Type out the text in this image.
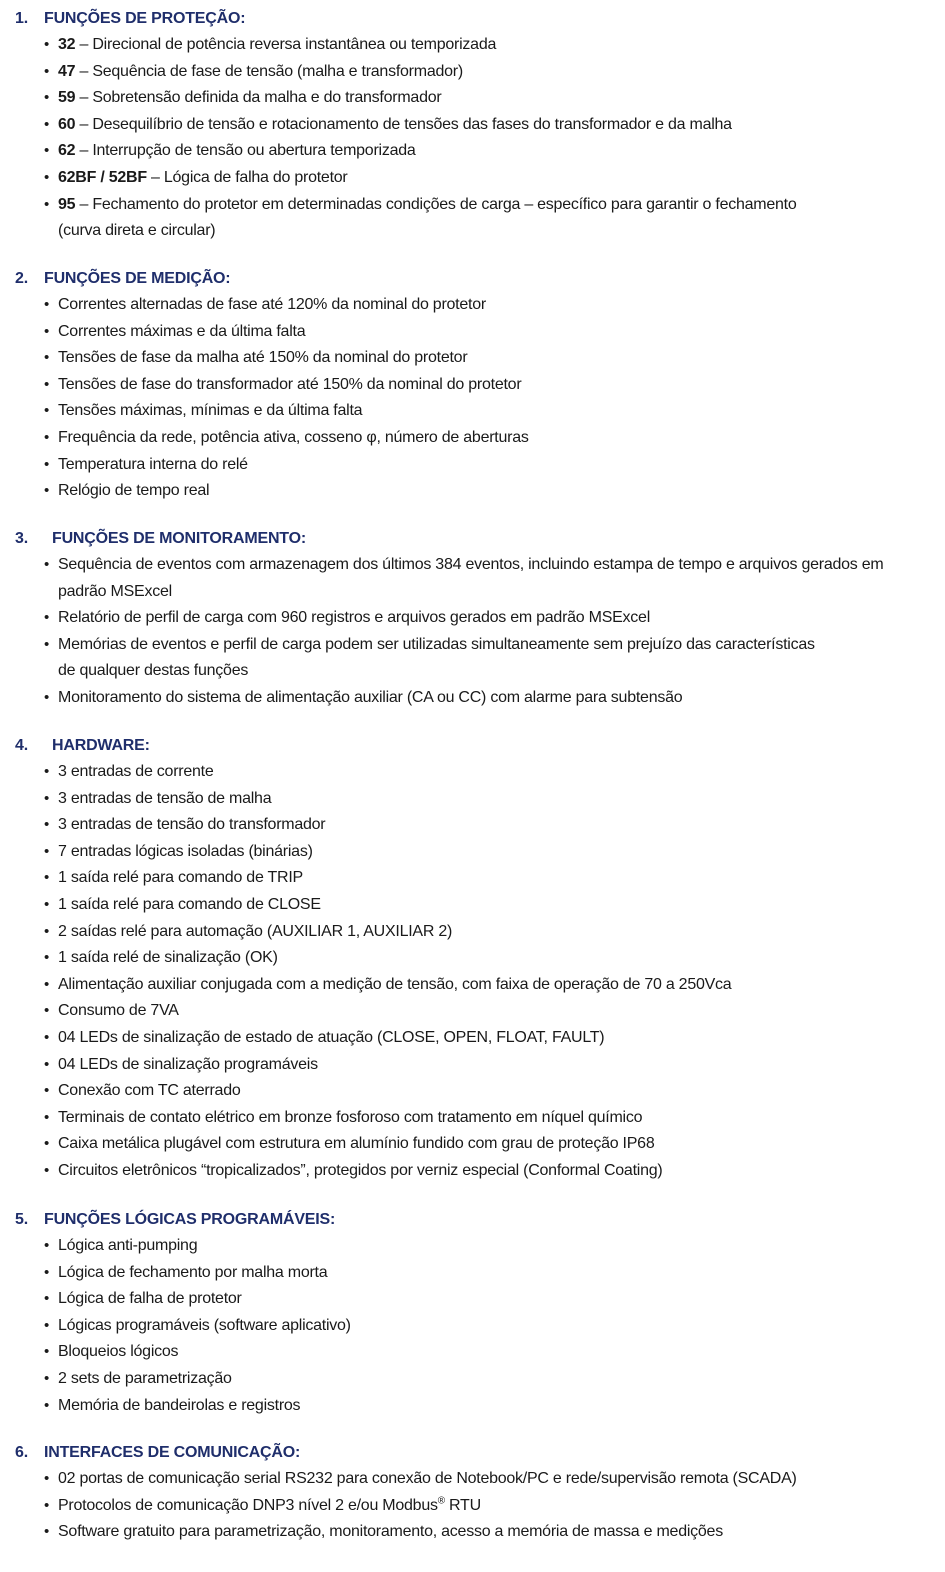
1. FUNÇÕES DE PROTEÇÃO:
• 32 – Direcional de potência reversa instantânea ou temporizada
• 47 – Sequência de fase de tensão (malha e transformador)
• 59 – Sobretensão definida da malha e do transformador
• 60 – Desequilíbrio de tensão e rotacionamento de tensões das fases do transformador e da malha
• 62 – Interrupção de tensão ou abertura temporizada
• 62BF / 52BF – Lógica de falha do protetor
• 95 – Fechamento do protetor em determinadas condições de carga – específico para garantir o fechamento
(curva direta e circular)
2. FUNÇÕES DE MEDIÇÃO:
• Correntes alternadas de fase até 120% da nominal do protetor
• Correntes máximas e da última falta
• Tensões de fase da malha até 150% da nominal do protetor
• Tensões de fase do transformador até 150% da nominal do protetor
• Tensões máximas, mínimas e da última falta
• Frequência da rede, potência ativa, cosseno φ, número de aberturas
• Temperatura interna do relé
• Relógio de tempo real
3. FUNÇÕES DE MONITORAMENTO:
• Sequência de eventos com armazenagem dos últimos 384 eventos, incluindo estampa de tempo e arquivos gerados em
padrão MSExcel
• Relatório de perfil de carga com 960 registros e arquivos gerados em padrão MSExcel
• Memórias de eventos e perfil de carga podem ser utilizadas simultaneamente sem prejuízo das características
de qualquer destas funções
• Monitoramento do sistema de alimentação auxiliar (CA ou CC) com alarme para subtensão
4. HARDWARE:
• 3 entradas de corrente
• 3 entradas de tensão de malha
• 3 entradas de tensão do transformador
• 7 entradas lógicas isoladas (binárias)
• 1 saída relé para comando de TRIP
• 1 saída relé para comando de CLOSE
• 2 saídas relé para automação (AUXILIAR 1, AUXILIAR 2)
• 1 saída relé de sinalização (OK)
• Alimentação auxiliar conjugada com a medição de tensão, com faixa de operação de 70 a 250Vca
• Consumo de 7VA
• 04 LEDs de sinalização de estado de atuação (CLOSE, OPEN, FLOAT, FAULT)
• 04 LEDs de sinalização programáveis
• Conexão com TC aterrado
• Terminais de contato elétrico em bronze fosforoso com tratamento em níquel químico
• Caixa metálica plugável com estrutura em alumínio fundido com grau de proteção IP68
• Circuitos eletrônicos “tropicalizados”, protegidos por verniz especial (Conformal Coating)
5. FUNÇÕES LÓGICAS PROGRAMÁVEIS:
• Lógica anti-pumping
• Lógica de fechamento por malha morta
• Lógica de falha de protetor
• Lógicas programáveis (software aplicativo)
• Bloqueios lógicos
• 2 sets de parametrização
• Memória de bandeirolas e registros
6. INTERFACES DE COMUNICAÇÃO:
• 02 portas de comunicação serial RS232 para conexão de Notebook/PC e rede/supervisão remota (SCADA)
• Protocolos de comunicação DNP3 nível 2 e/ou Modbus® RTU
• Software gratuito para parametrização, monitoramento, acesso a memória de massa e medições
